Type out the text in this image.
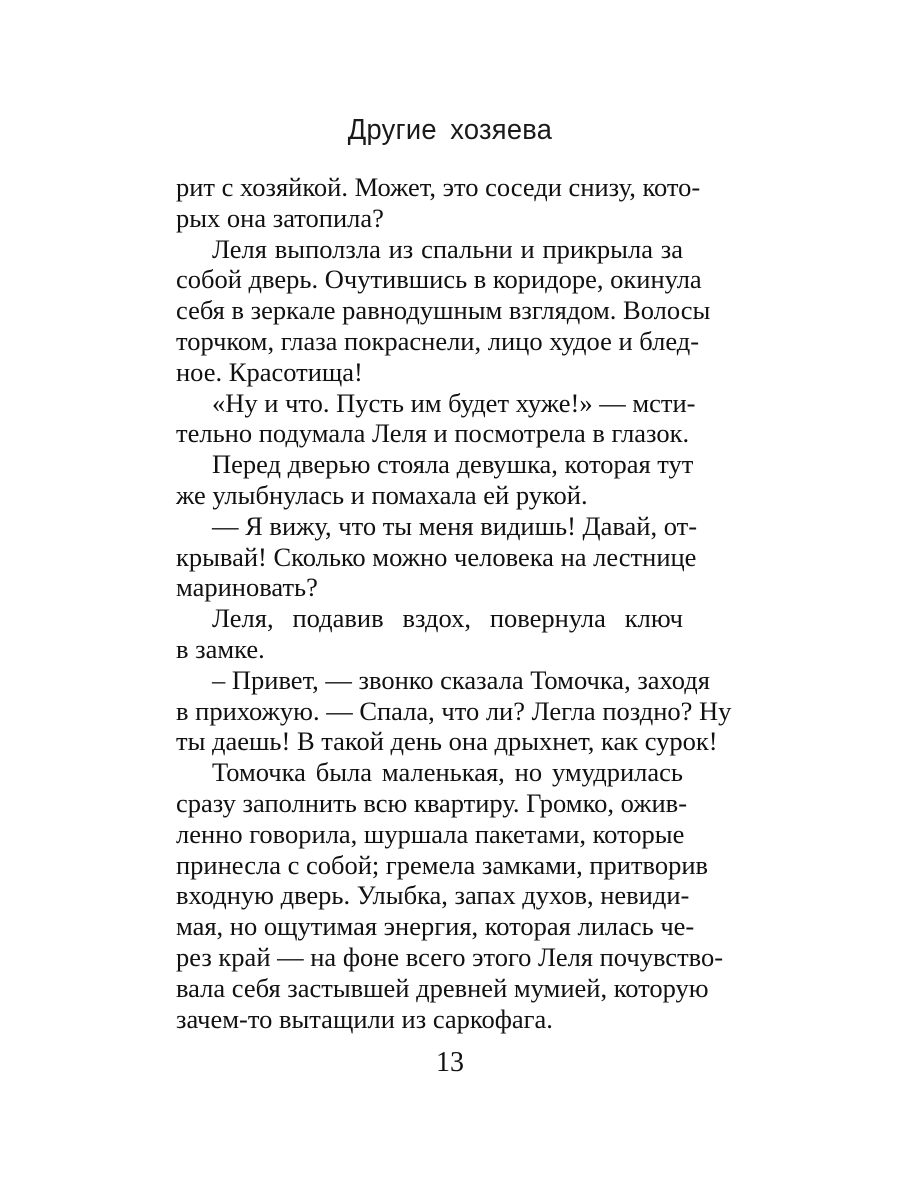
Другие хозяева
рит с хозяйкой. Может, это соседи снизу, кото-
рых она затопила?
Леля выползла из спальни и прикрыла за
собой дверь. Очутившись в коридоре, окинула
себя в зеркале равнодушным взглядом. Волосы
торчком, глаза покраснели, лицо худое и блед-
ное. Красотища!
«Ну и что. Пусть им будет хуже!» — мсти-
тельно подумала Леля и посмотрела в глазок.
Перед дверью стояла девушка, которая тут
же улыбнулась и помахала ей рукой.
— Я вижу, что ты меня видишь! Давай, от-
крывай! Сколько можно человека на лестнице
мариновать?
Леля, подавив вздох, повернула ключ
в замке.
– Привет, — звонко сказала Томочка, заходя
в прихожую. — Спала, что ли? Легла поздно? Ну
ты даешь! В такой день она дрыхнет, как сурок!
Томочка была маленькая, но умудрилась
сразу заполнить всю квартиру. Громко, ожив-
ленно говорила, шуршала пакетами, которые
принесла с собой; гремела замками, притворив
входную дверь. Улыбка, запах духов, невиди-
мая, но ощутимая энергия, которая лилась че-
рез край — на фоне всего этого Леля почувство-
вала себя застывшей древней мумией, которую
зачем-то вытащили из саркофага.
13
